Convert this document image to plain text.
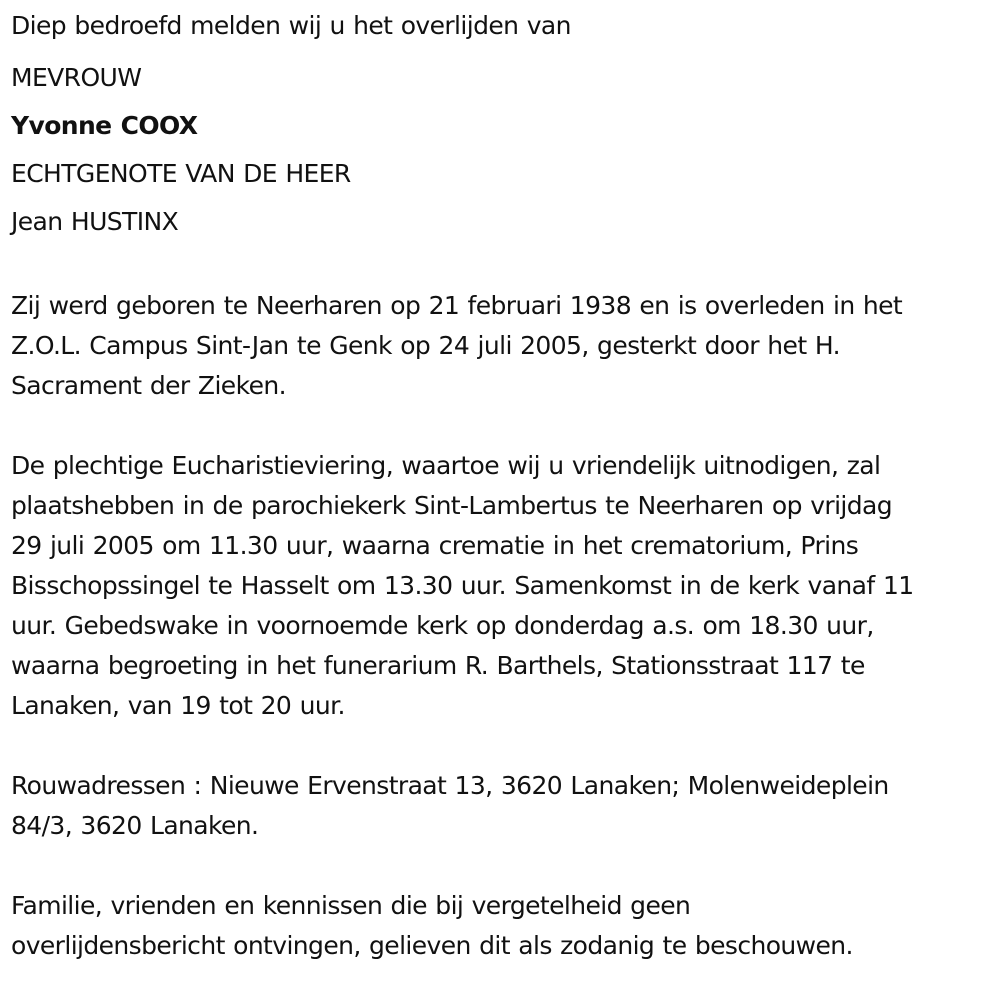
Diep bedroefd melden wij u het overlijden van
MEVROUW
Yvonne COOX
ECHTGENOTE VAN DE HEER
Jean HUSTINX
Zij werd geboren te Neerharen op 21 februari 1938 en is overleden in het
Z.O.L. Campus Sint-Jan te Genk op 24 juli 2005, gesterkt door het H.
Sacrament der Zieken.
De plechtige Eucharistieviering, waartoe wij u vriendelijk uitnodigen, zal
plaatshebben in de parochiekerk Sint-Lambertus te Neerharen op vrijdag
29 juli 2005 om 11.30 uur, waarna crematie in het crematorium, Prins
Bisschopssingel te Hasselt om 13.30 uur. Samenkomst in de kerk vanaf 11
uur. Gebedswake in voornoemde kerk op donderdag a.s. om 18.30 uur,
waarna begroeting in het funerarium R. Barthels, Stationsstraat 117 te
Lanaken, van 19 tot 20 uur.
Rouwadressen : Nieuwe Ervenstraat 13, 3620 Lanaken; Molenweideplein
84/3, 3620 Lanaken.
Familie, vrienden en kennissen die bij vergetelheid geen
overlijdensbericht ontvingen, gelieven dit als zodanig te beschouwen.
